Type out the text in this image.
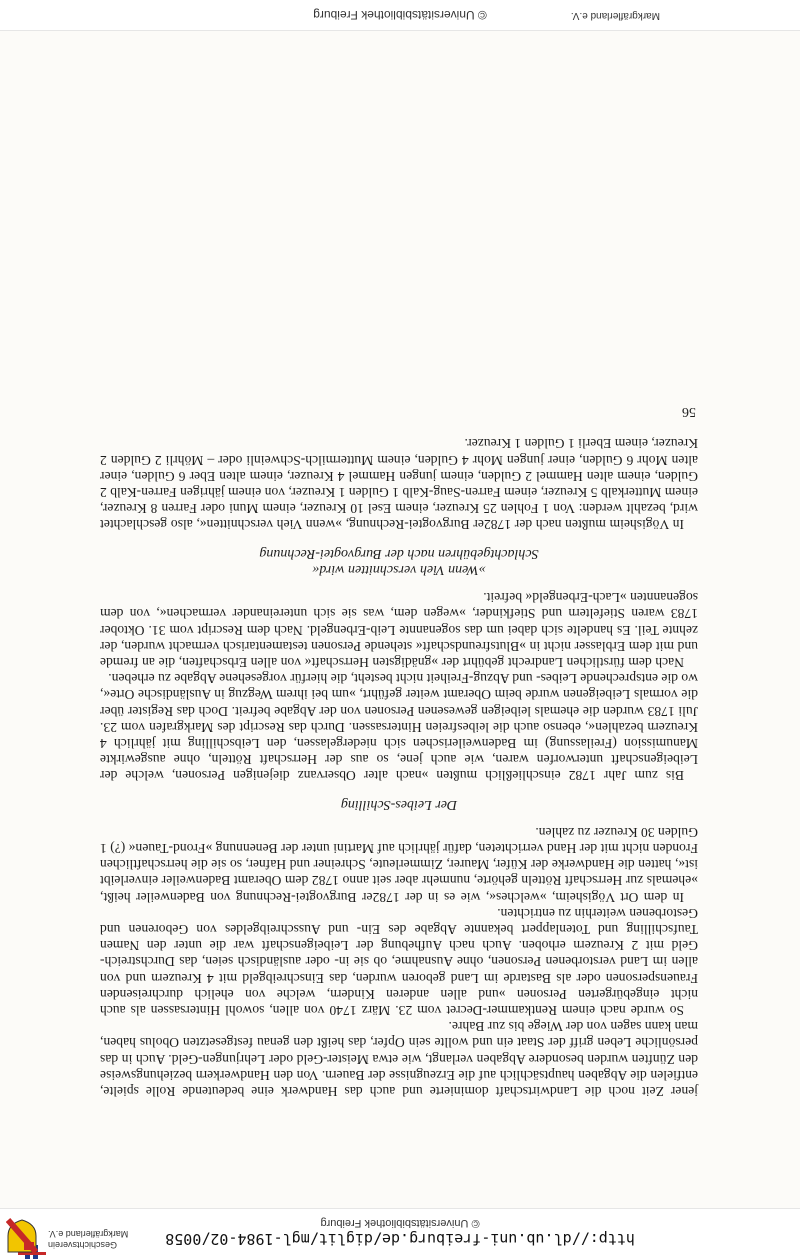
http://dl.ub.uni-freiburg.de/diglit/mgl-1984-02/0058
© Universitätsbibliothek Freiburg
Geschichtsverein
Markgräflerland e.V.

jener Zeit noch die Landwirtschaft dominierte und auch das Handwerk eine bedeutende Rolle spielte, entfielen die Abgaben hauptsächlich auf die Erzeugnisse der Bauern. Von den Handwerkern beziehungsweise den Zünften wurden besondere Abgaben verlangt, wie etwa Meister-Geld oder Lehrjungen-Geld. Auch in das persönliche Leben griff der Staat ein und wollte sein Opfer, das heißt den genau festgesetzten Obolus haben, man kann sagen von der Wiege bis zur Bahre.

So wurde nach einem Rentkammer-Decret vom 23. März 1740 von allen, sowohl Hintersassen als auch nicht eingebürgerten Personen »und allen anderen Kindern, welche von ehelich durchreisenden Frauenspersonen oder als Bastarde im Land geboren wurden, das Einschreibgeld mit 4 Kreuzern und von allen im Land verstorbenen Personen, ohne Ausnahme, ob sie in- oder ausländisch seien, das Durchstreich-Geld mit 2 Kreuzern erhoben. Auch nach Aufhebung der Leibeigenschaft war die unter den Namen Taufschilling und Totenlappert bekannte Abgabe des Ein- und Ausschreibgeldes von Geborenen und Gestorbenen weiterhin zu entrichten.

In dem Ort Vögisheim, »welches«, wie es in der 1782er Burgvogtei-Rechnung von Badenweiler heißt, »ehemals zur Herrschaft Rötteln gehörte, nunmehr aber seit anno 1782 dem Oberamt Badenweiler einverleibt ist«, hatten die Handwerke der Küfer, Maurer, Zimmerleute, Schreiner und Hafner, so sie die herrschaftlichen Fronden nicht mit der Hand verrichteten, dafür jährlich auf Martini unter der Benennung »Frond-Tauen« (?) 1 Gulden 30 Kreuzer zu zahlen.

Der Leibes-Schilling

Bis zum Jahr 1782 einschließlich mußten »nach alter Observanz diejenigen Personen, welche der Leibeigenschaft unterworfen waren, wie auch jene, so aus der Herrschaft Rötteln, ohne ausgewirkte Manumission (Freilassung) im Badenweilerischen sich niedergelassen, den Leibschilling mit jährlich 4 Kreuzern bezahlen«, ebenso auch die leibesfreien Hintersassen. Durch das Rescript des Markgrafen vom 23. Juli 1783 wurden die ehemals leibeigen gewesenen Personen von der Abgabe befreit. Doch das Register über die vormals Leibeigenen wurde beim Oberamt weiter geführt, »um bei ihrem Wegzug in Ausländische Orte«, wo die entsprechende Leibes- und Abzug-Freiheit nicht besteht, die hierfür vorgesehene Abgabe zu erheben.

Nach dem fürstlichen Landrecht gebührt der »gnädigsten Herrschaft« von allen Erbschaften, die an fremde und mit dem Erblasser nicht in »Blutsfreundschaft« stehende Personen testamentarisch vermacht wurden, der zehnte Teil. Es handelte sich dabei um das sogenannte Leib-Erbengeld. Nach dem Rescript vom 31. Oktober 1783 waren Stiefeltern und Stiefkinder, »wegen dem, was sie sich untereinander vermachen«, von dem sogenannten »Lach-Erbengeld« befreit.

»Wenn Vieh verschnitten wird«
Schlachtgebühren nach der Burgvogtei-Rechnung

In Vögisheim mußten nach der 1782er Burgvogtei-Rechnung, »wenn Vieh verschnitten«, also geschlachtet wird, bezahlt werden: Von 1 Fohlen 25 Kreuzer, einem Esel 10 Kreuzer, einem Muni oder Farren 8 Kreuzer, einem Mutterkalb 5 Kreuzer, einem Farren-Saug-Kalb 1 Gulden 1 Kreuzer, von einem jährigen Farren-Kalb 2 Gulden, einem alten Hammel 2 Gulden, einem jungen Hammel 4 Kreuzer, einem alten Eber 6 Gulden, einer alten Mohr 6 Gulden, einer jungen Mohr 4 Gulden, einem Muttermilch-Schweinli oder – Möhrli 2 Gulden 2 Kreuzer, einem Eberli 1 Gulden 1 Kreuzer.

56
Markgräflerland e.V.
© Universitätsbibliothek Freiburg
